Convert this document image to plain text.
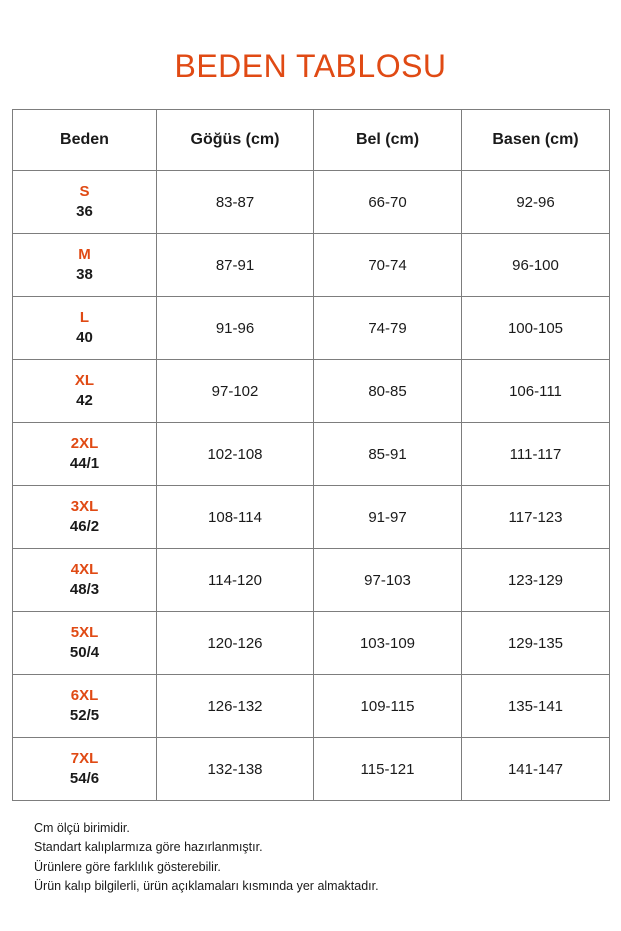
BEDEN TABLOSU
Beden	Göğüs (cm)	Bel (cm)	Basen (cm)

S
36	83-87	66-70	92-96

M
38	87-91	70-74	96-100

L
40	91-96	74-79	100-105

XL
42	97-102	80-85	106-111

2XL
44/1	102-108	85-91	111-117

3XL
46/2	108-114	91-97	117-123

4XL
48/3	114-120	97-103	123-129

5XL
50/4	120-126	103-109	129-135

6XL
52/5	126-132	109-115	135-141

7XL
54/6	132-138	115-121	141-147
Cm ölçü birimidir.
Standart kalıplarmıza göre hazırlanmıştır.
Ürünlere göre farklılık gösterebilir.
Ürün kalıp bilgilerli, ürün açıklamaları kısmında yer almaktadır.
